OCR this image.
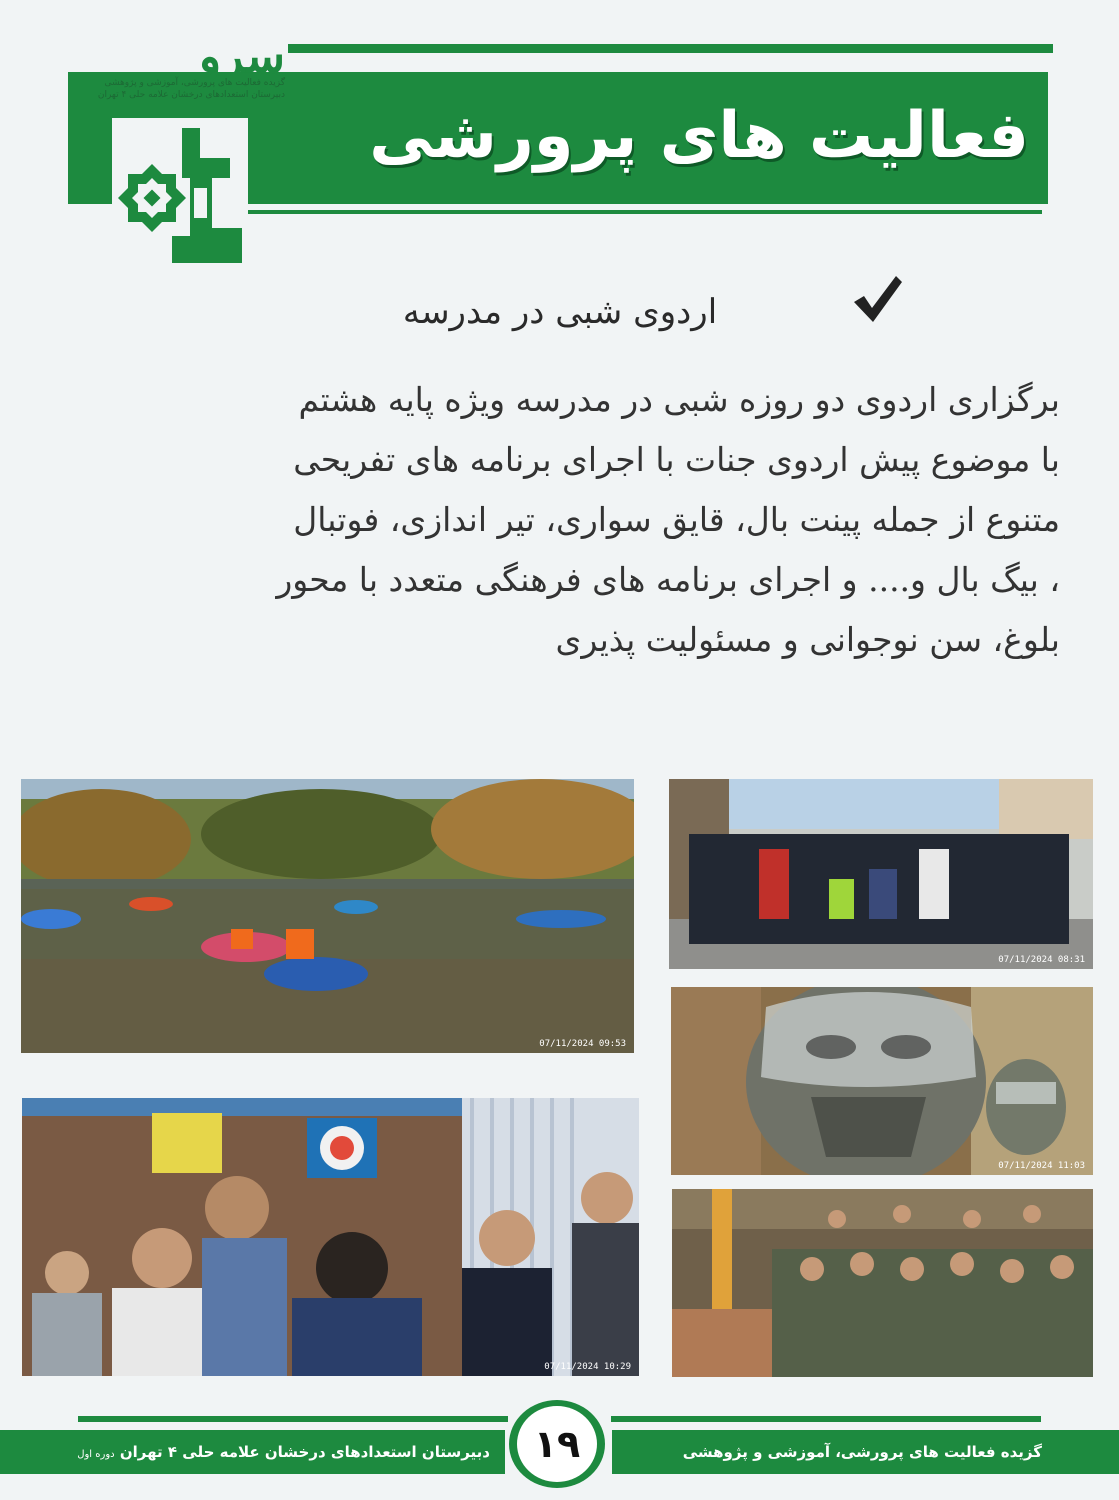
سرو
گزیده فعالیت های پرورشی، آموزشی و پژوهشی
دبیرستان استعدادهای درخشان علامه حلی ۴ تهران
فعالیت های پرورشی
اردوی شبی در مدرسه
برگزاری اردوی دو روزه شبی در مدرسه ویژه پایه هشتم
با موضوع پیش اردوی جنات با اجرای برنامه های تفریحی
متنوع از جمله پینت بال، قایق سواری، تیر اندازی، فوتبال
، بیگ بال و.... و اجرای برنامه های فرهنگی متعدد با محور
بلوغ، سن نوجوانی و مسئولیت پذیری
07/11/2024 09:53
07/11/2024 08:31
07/11/2024 11:03
07/11/2024 10:29
دبیرستان استعدادهای درخشان علامه حلی ۴ تهران دوره اول	گزیده فعالیت های پرورشی، آموزشی و پژوهشی
۱۹
